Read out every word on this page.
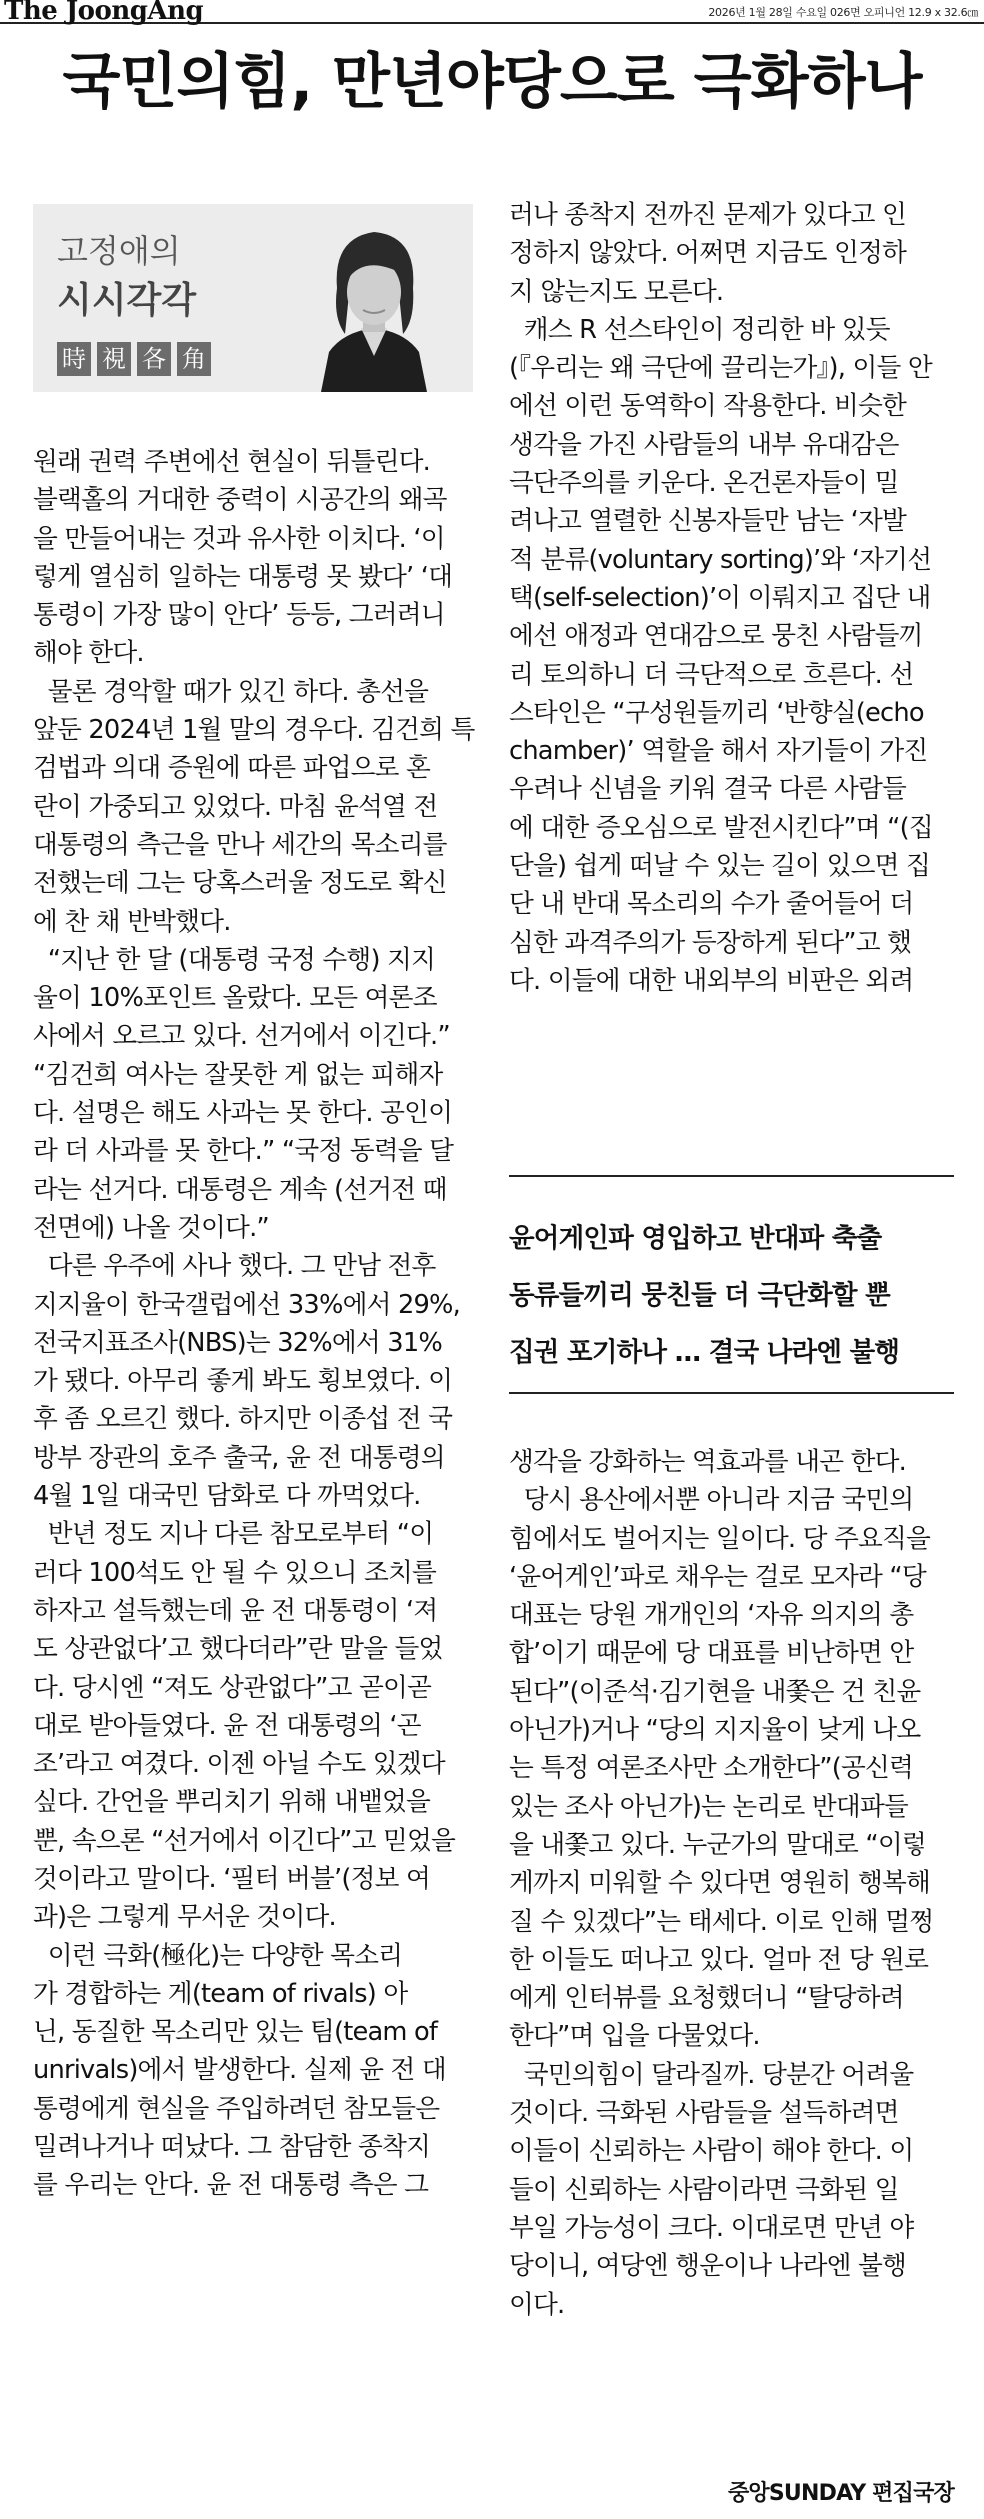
The JoongAng	2026년 1월 28일 수요일 026면 오피니언 12.9 x 32.6㎝
국민의힘, 만년야당으로 극화하나
고정애의
시시각각
時 視 各 角

원래 권력 주변에선 현실이 뒤틀린다.
블랙홀의 거대한 중력이 시공간의 왜곡
을 만들어내는 것과 유사한 이치다. ‘이
렇게 열심히 일하는 대통령 못 봤다’ ‘대
통령이 가장 많이 안다’ 등등, 그러려니
해야 한다.

물론 경악할 때가 있긴 하다. 총선을
앞둔 2024년 1월 말의 경우다. 김건희 특
검법과 의대 증원에 따른 파업으로 혼
란이 가중되고 있었다. 마침 윤석열 전
대통령의 측근을 만나 세간의 목소리를
전했는데 그는 당혹스러울 정도로 확신
에 찬 채 반박했다.

“지난 한 달 (대통령 국정 수행) 지지
율이 10%포인트 올랐다. 모든 여론조
사에서 오르고 있다. 선거에서 이긴다.”
“김건희 여사는 잘못한 게 없는 피해자
다. 설명은 해도 사과는 못 한다. 공인이
라 더 사과를 못 한다.” “국정 동력을 달
라는 선거다. 대통령은 계속 (선거전 때
전면에) 나올 것이다.”

다른 우주에 사나 했다. 그 만남 전후
지지율이 한국갤럽에선 33%에서 29%,
전국지표조사(NBS)는 32%에서 31%
가 됐다. 아무리 좋게 봐도 횡보였다. 이
후 좀 오르긴 했다. 하지만 이종섭 전 국
방부 장관의 호주 출국, 윤 전 대통령의
4월 1일 대국민 담화로 다 까먹었다.

반년 정도 지나 다른 참모로부터 “이
러다 100석도 안 될 수 있으니 조치를
하자고 설득했는데 윤 전 대통령이 ‘져
도 상관없다’고 했다더라”란 말을 들었
다. 당시엔 “져도 상관없다”고 곧이곧
대로 받아들였다. 윤 전 대통령의 ‘곤
조’라고 여겼다. 이젠 아닐 수도 있겠다
싶다. 간언을 뿌리치기 위해 내뱉었을
뿐, 속으론 “선거에서 이긴다”고 믿었을
것이라고 말이다. ‘필터 버블’(정보 여
과)은 그렇게 무서운 것이다.

이런 극화(極化)는 다양한 목소리
가 경합하는 게(team of rivals) 아
닌, 동질한 목소리만 있는 팀(team of
unrivals)에서 발생한다. 실제 윤 전 대
통령에게 현실을 주입하려던 참모들은
밀려나거나 떠났다. 그 참담한 종착지
를 우리는 안다. 윤 전 대통령 측은 그

러나 종착지 전까진 문제가 있다고 인
정하지 않았다. 어쩌면 지금도 인정하
지 않는지도 모른다.

캐스 R 선스타인이 정리한 바 있듯
(『우리는 왜 극단에 끌리는가』), 이들 안
에선 이런 동역학이 작용한다. 비슷한
생각을 가진 사람들의 내부 유대감은
극단주의를 키운다. 온건론자들이 밀
려나고 열렬한 신봉자들만 남는 ‘자발
적 분류(voluntary sorting)’와 ‘자기선
택(self-selection)’이 이뤄지고 집단 내
에선 애정과 연대감으로 뭉친 사람들끼
리 토의하니 더 극단적으로 흐른다. 선
스타인은 “구성원들끼리 ‘반향실(echo
chamber)’ 역할을 해서 자기들이 가진
우려나 신념을 키워 결국 다른 사람들
에 대한 증오심으로 발전시킨다”며 “(집
단을) 쉽게 떠날 수 있는 길이 있으면 집
단 내 반대 목소리의 수가 줄어들어 더
심한 과격주의가 등장하게 된다”고 했
다. 이들에 대한 내외부의 비판은 외려

윤어게인파 영입하고 반대파 축출
동류들끼리 뭉친들 더 극단화할 뿐
집권 포기하나 … 결국 나라엔 불행

생각을 강화하는 역효과를 내곤 한다.

당시 용산에서뿐 아니라 지금 국민의
힘에서도 벌어지는 일이다. 당 주요직을
‘윤어게인’파로 채우는 걸로 모자라 “당
대표는 당원 개개인의 ‘자유 의지의 총
합’이기 때문에 당 대표를 비난하면 안
된다”(이준석·김기현을 내쫓은 건 친윤
아닌가)거나 “당의 지지율이 낮게 나오
는 특정 여론조사만 소개한다”(공신력
있는 조사 아닌가)는 논리로 반대파들
을 내쫓고 있다. 누군가의 말대로 “이렇
게까지 미워할 수 있다면 영원히 행복해
질 수 있겠다”는 태세다. 이로 인해 멀쩡
한 이들도 떠나고 있다. 얼마 전 당 원로
에게 인터뷰를 요청했더니 “탈당하려
한다”며 입을 다물었다.

국민의힘이 달라질까. 당분간 어려울
것이다. 극화된 사람들을 설득하려면
이들이 신뢰하는 사람이 해야 한다. 이
들이 신뢰하는 사람이라면 극화된 일
부일 가능성이 크다. 이대로면 만년 야
당이니, 여당엔 행운이나 나라엔 불행
이다.

중앙SUNDAY 편집국장
